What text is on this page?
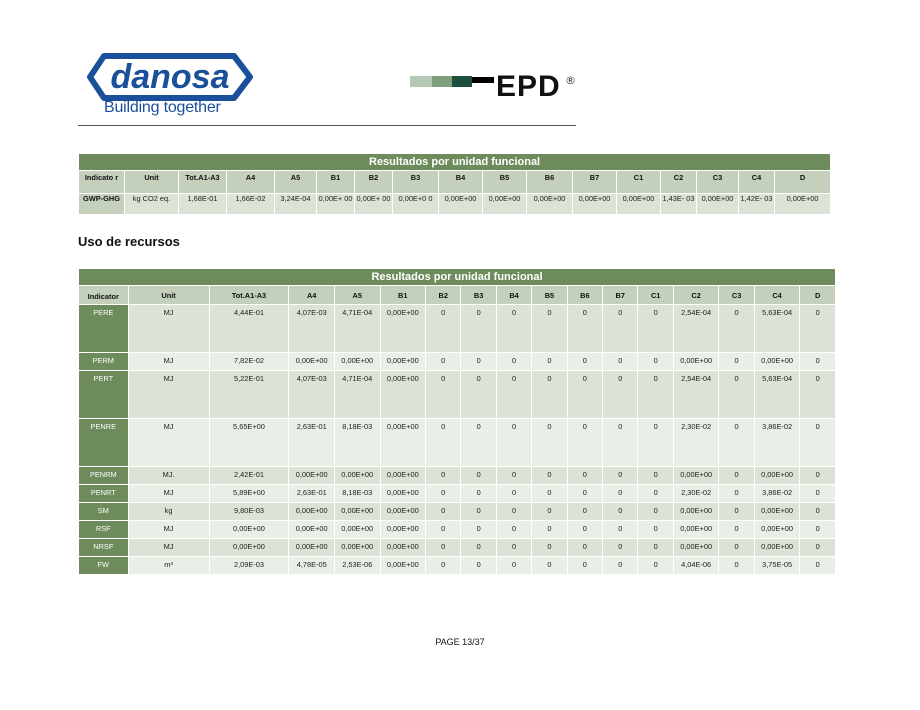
danosa
Building together
EPD ®
Resultados por unidad funcional																
Indicato r	Unit	Tot.A1-A3	A4	A5	B1	B2	B3	B4	B5	B6	B7	C1	C2	C3	C4	D
GWP-GHG	kg CO2 eq.	1,68E-01	1,66E-02	3,24E-04	0,00E+ 00	0,00E+ 00	0,00E+0 0	0,00E+00	0,00E+00	0,00E+00	0,00E+00	0,00E+00	1,43E- 03	0,00E+00	1,42E- 03	0,00E+00
Uso de recursos
Resultados por unidad funcional																
Indicator	Unit	Tot.A1-A3	A4	A5	B1	B2	B3	B4	B5	B6	B7	C1	C2	C3	C4	D
PERE	MJ	4,44E-01	4,07E-03	4,71E-04	0,00E+00	0	0	0	0	0	0	0	2,54E-04	0	5,63E-04	0
PERM	MJ	7,82E-02	0,00E+00	0,00E+00	0,00E+00	0	0	0	0	0	0	0	0,00E+00	0	0,00E+00	0
PERT	MJ	5,22E-01	4,07E-03	4,71E-04	0,00E+00	0	0	0	0	0	0	0	2,54E-04	0	5,63E-04	0
PENRE	MJ	5,65E+00	2,63E-01	8,18E-03	0,00E+00	0	0	0	0	0	0	0	2,30E-02	0	3,86E-02	0
PENRM	MJ.	2,42E-01	0,00E+00	0,00E+00	0,00E+00	0	0	0	0	0	0	0	0,00E+00	0	0,00E+00	0
PENRT	MJ	5,89E+00	2,63E-01	8,18E-03	0,00E+00	0	0	0	0	0	0	0	2,30E-02	0	3,86E-02	0
SM	kg	9,80E-03	0,00E+00	0,00E+00	0,00E+00	0	0	0	0	0	0	0	0,00E+00	0	0,00E+00	0
RSF	MJ	0,00E+00	0,00E+00	0,00E+00	0,00E+00	0	0	0	0	0	0	0	0,00E+00	0	0,00E+00	0
NRSF	MJ	0,00E+00	0,00E+00	0,00E+00	0,00E+00	0	0	0	0	0	0	0	0,00E+00	0	0,00E+00	0
FW	m³	2,09E-03	4,78E-05	2,53E-06	0,00E+00	0	0	0	0	0	0	0	4,04E-06	0	3,75E-05	0
PAGE 13/37
